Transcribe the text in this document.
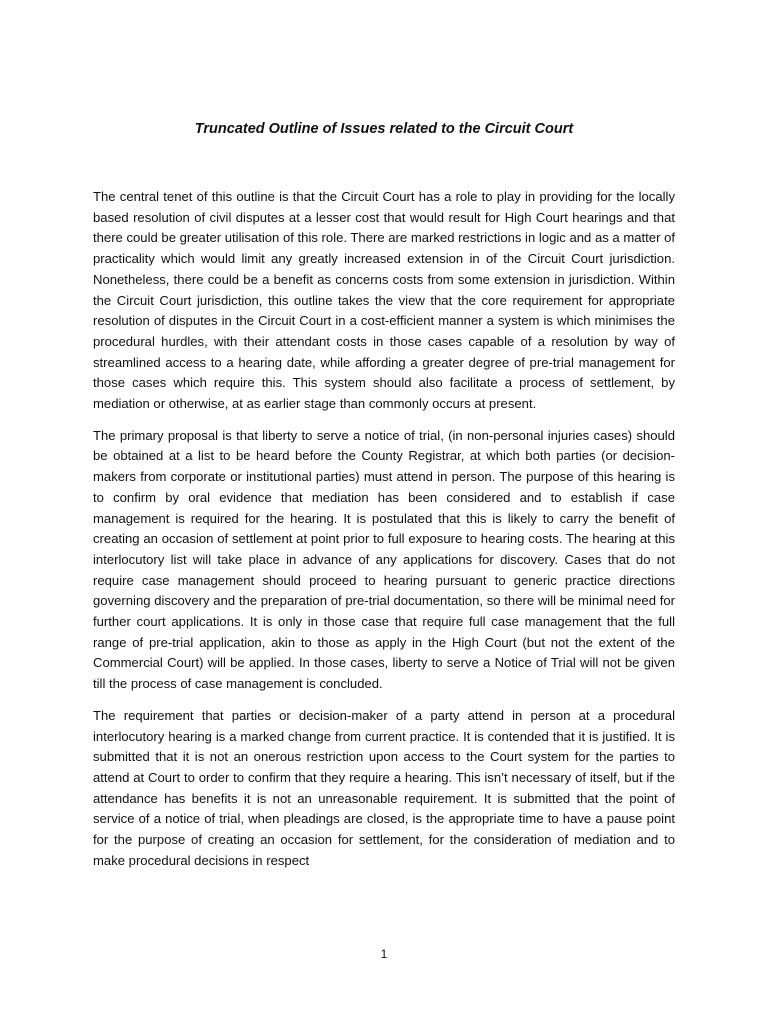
Truncated Outline of Issues related to the Circuit Court

The central tenet of this outline is that the Circuit Court has a role to play in providing for the locally based resolution of civil disputes at a lesser cost that would result for High Court hearings and that there could be greater utilisation of this role. There are marked restrictions in logic and as a matter of practicality which would limit any greatly increased extension in of the Circuit Court jurisdiction. Nonetheless, there could be a benefit as concerns costs from some extension in jurisdiction. Within the Circuit Court jurisdiction, this outline takes the view that the core requirement for appropriate resolution of disputes in the Circuit Court in a cost-efficient manner a system is which minimises the procedural hurdles, with their attendant costs in those cases capable of a resolution by way of streamlined access to a hearing date, while affording a greater degree of pre-trial management for those cases which require this. This system should also facilitate a process of settlement, by mediation or otherwise, at as earlier stage than commonly occurs at present.

The primary proposal is that liberty to serve a notice of trial, (in non-personal injuries cases) should be obtained at a list to be heard before the County Registrar, at which both parties (or decision-makers from corporate or institutional parties) must attend in person. The purpose of this hearing is to confirm by oral evidence that mediation has been considered and to establish if case management is required for the hearing. It is postulated that this is likely to carry the benefit of creating an occasion of settlement at point prior to full exposure to hearing costs. The hearing at this interlocutory list will take place in advance of any applications for discovery. Cases that do not require case management should proceed to hearing pursuant to generic practice directions governing discovery and the preparation of pre-trial documentation, so there will be minimal need for further court applications. It is only in those case that require full case management that the full range of pre-trial application, akin to those as apply in the High Court (but not the extent of the Commercial Court) will be applied. In those cases, liberty to serve a Notice of Trial will not be given till the process of case management is concluded.

The requirement that parties or decision-maker of a party attend in person at a procedural interlocutory hearing is a marked change from current practice. It is contended that it is justified. It is submitted that it is not an onerous restriction upon access to the Court system for the parties to attend at Court to order to confirm that they require a hearing. This isn’t necessary of itself, but if the attendance has benefits it is not an unreasonable requirement. It is submitted that the point of service of a notice of trial, when pleadings are closed, is the appropriate time to have a pause point for the purpose of creating an occasion for settlement, for the consideration of mediation and to make procedural decisions in respect

1
